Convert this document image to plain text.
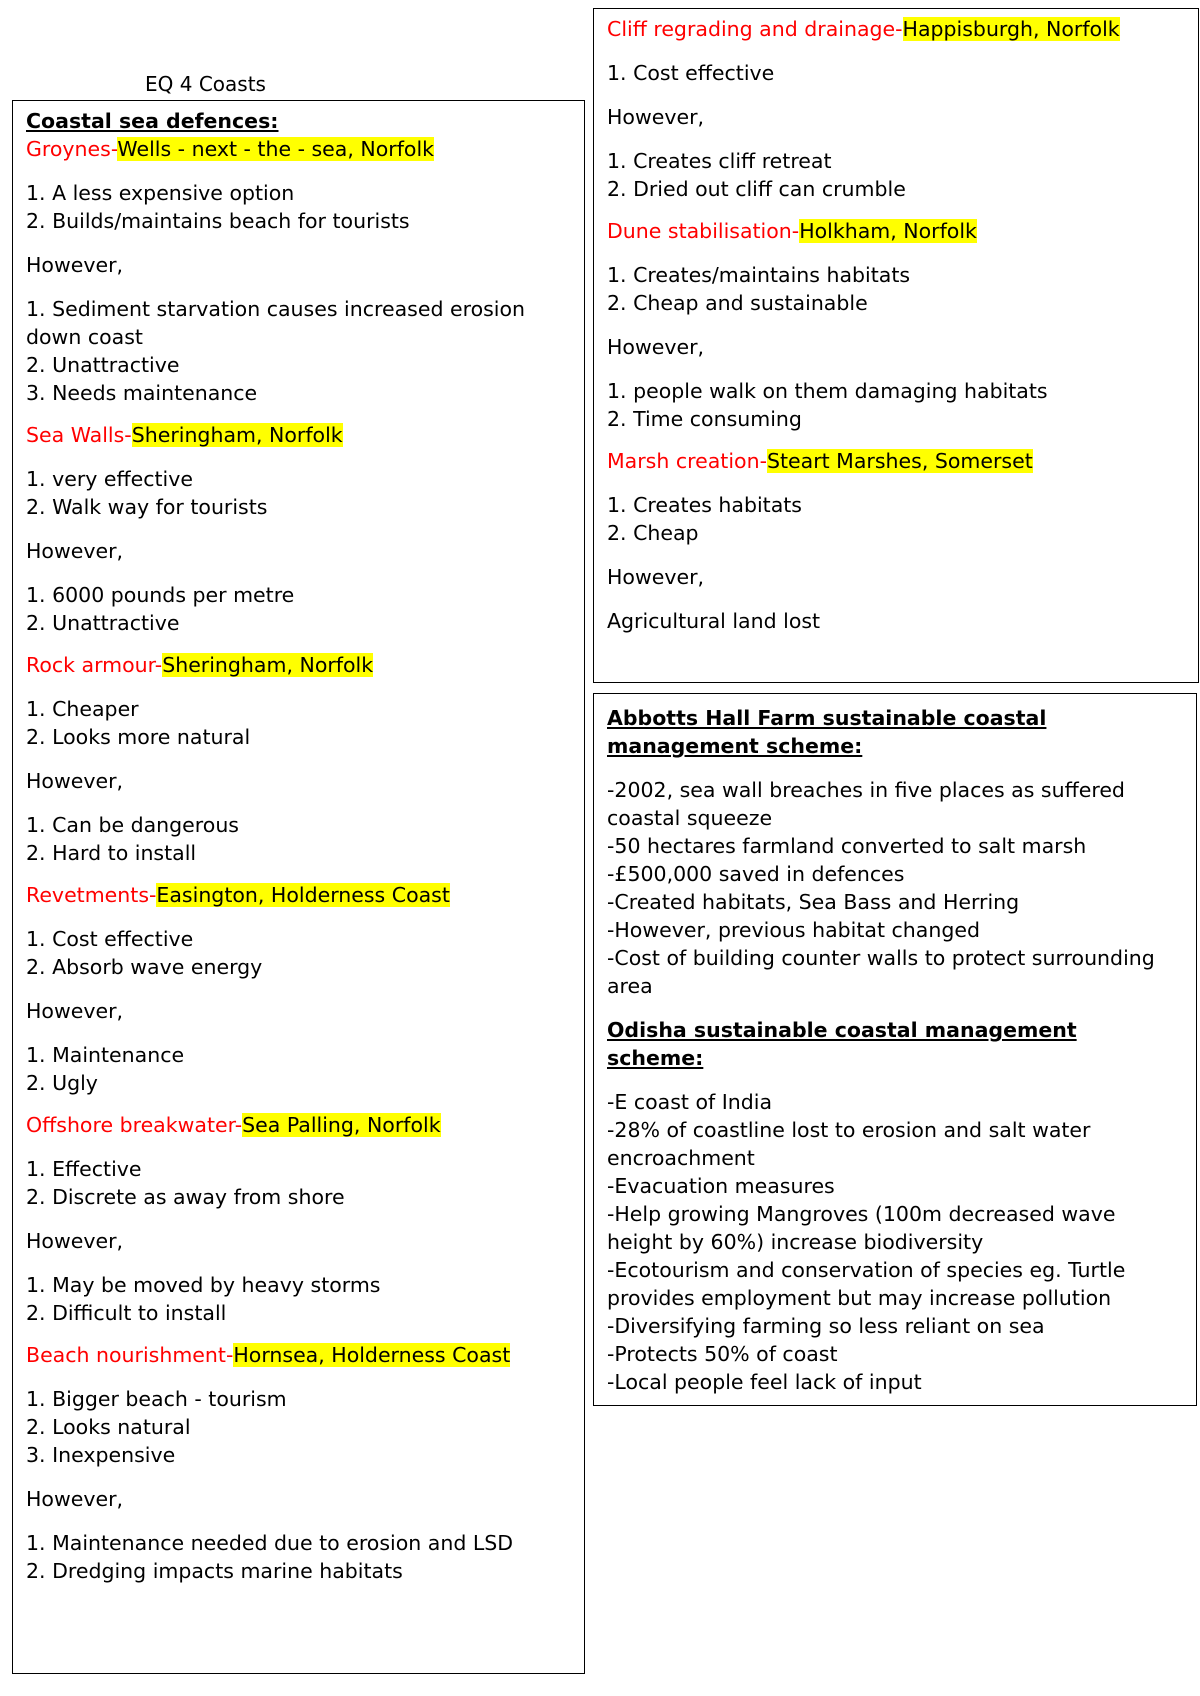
EQ 4 Coasts

Coastal sea defences:

Groynes-Wells - next - the - sea, Norfolk

1. A less expensive option
2. Builds/maintains beach for tourists
However,
1. Sediment starvation causes increased erosion down coast
2. Unattractive
3. Needs maintenance

Sea Walls-Sheringham, Norfolk

1. very effective
2. Walk way for tourists
However,
1. 6000 pounds per metre
2. Unattractive

Rock armour-Sheringham, Norfolk

1. Cheaper
2. Looks more natural
However,
1. Can be dangerous
2. Hard to install

Revetments-Easington, Holderness Coast

1. Cost effective
2. Absorb wave energy
However,
1. Maintenance
2. Ugly

Offshore breakwater-Sea Palling, Norfolk

1. Effective
2. Discrete as away from shore
However,
1. May be moved by heavy storms
2. Difficult to install

Beach nourishment-Hornsea, Holderness Coast

1. Bigger beach - tourism
2. Looks natural
3. Inexpensive
However,
1. Maintenance needed due to erosion and LSD
2. Dredging impacts marine habitats

Cliff regrading and drainage-Happisburgh, Norfolk

1. Cost effective
However,
1. Creates cliff retreat
2. Dried out cliff can crumble

Dune stabilisation-Holkham, Norfolk

1. Creates/maintains habitats
2. Cheap and sustainable
However,
1. people walk on them damaging habitats
2. Time consuming

Marsh creation-Steart Marshes, Somerset

1. Creates habitats
2. Cheap
However,
Agricultural land lost

Abbotts Hall Farm sustainable coastal management scheme:

-2002, sea wall breaches in five places as suffered coastal squeeze
-50 hectares farmland converted to salt marsh
-£500,000 saved in defences
-Created habitats, Sea Bass and Herring
-However, previous habitat changed
-Cost of building counter walls to protect surrounding area

Odisha sustainable coastal management scheme:

-E coast of India
-28% of coastline lost to erosion and salt water encroachment
-Evacuation measures
-Help growing Mangroves (100m decreased wave height by 60%) increase biodiversity
-Ecotourism and conservation of species eg. Turtle provides employment but may increase pollution
-Diversifying farming so less reliant on sea
-Protects 50% of coast
-Local people feel lack of input
